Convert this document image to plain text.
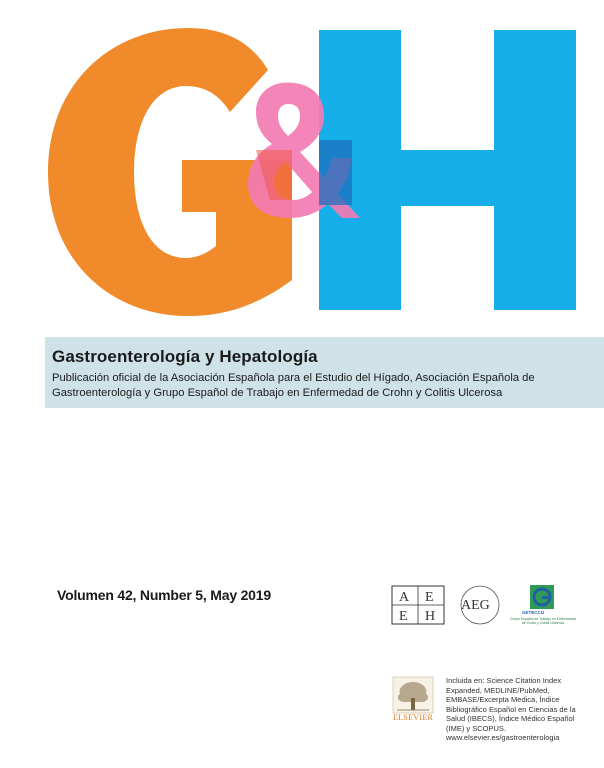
Gastroenterología y Hepatología

Publicación oficial de la Asociación Española para el Estudio del Hígado, Asociación Española de Gastroenterología y Grupo Español de Trabajo en Enfermedad de Crohn y Colitis Ulcerosa

Volumen 42, Number 5, May 2019	A E
E H
AEG	GETECCU
Grupo Español de Trabajo en Enfermedad de Crohn y Colitis Ulcerosa
ELSEVIER

Incluida en: Science Citation Index Expanded, MEDLINE/PubMed, EMBASE/Excerpta Medica, Índice Bibliográfico Español en Ciencias de la Salud (IBECS), Índice Médico Español (IME) y SCOPUS.

www.elsevier.es/gastroenterologia
